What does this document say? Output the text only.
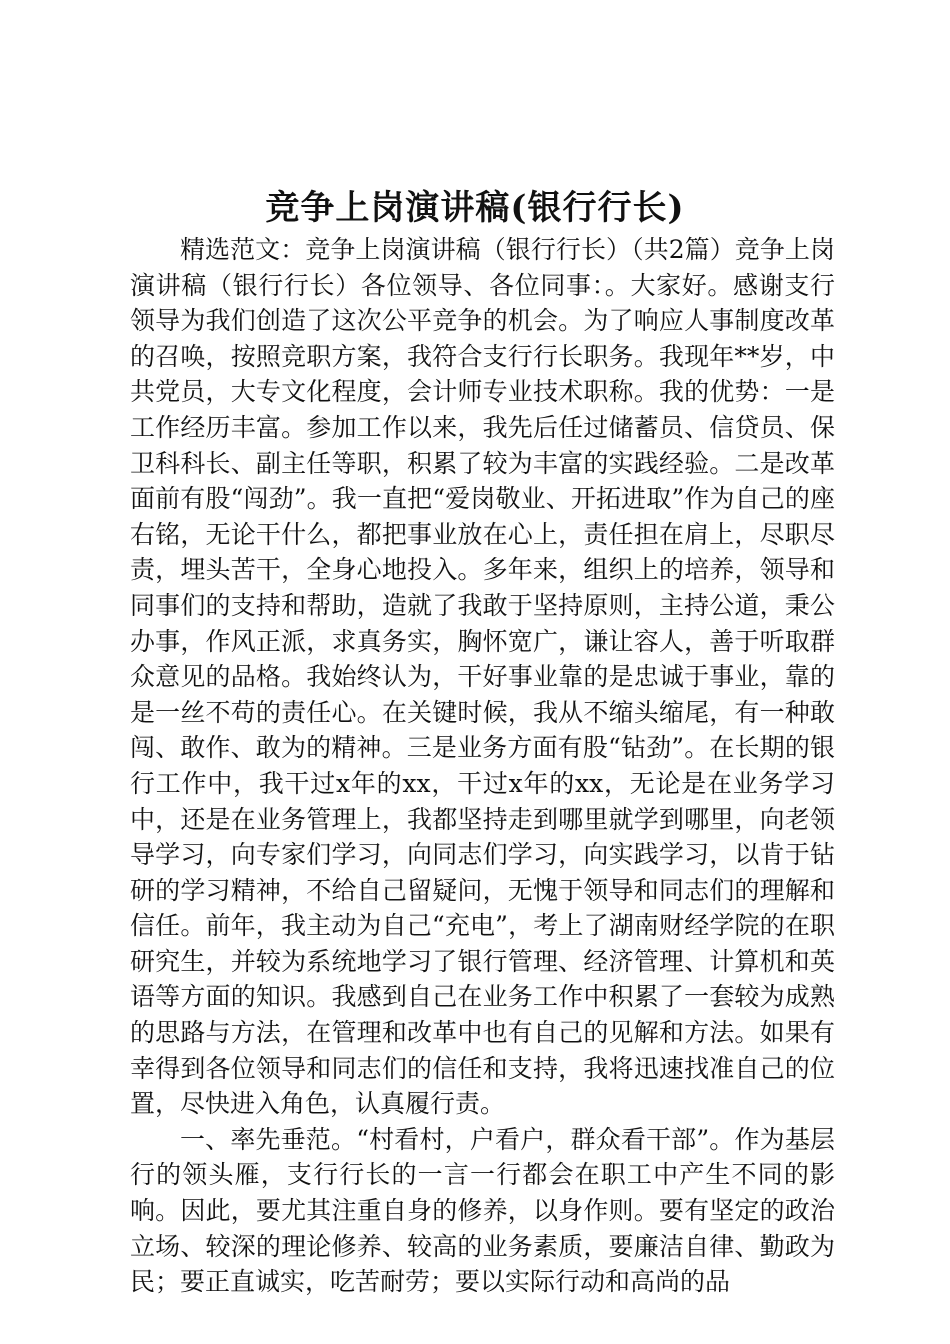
竞争上岗演讲稿(银行行长)

精选范文：竞争上岗演讲稿（银行行长）（共2篇）竞争上岗演讲稿（银行行长）各位领导、各位同事：。大家好。感谢支行领导为我们创造了这次公平竞争的机会。为了响应人事制度改革的召唤，按照竞职方案，我符合支行行长职务。我现年**岁，中共党员，大专文化程度，会计师专业技术职称。我的优势：一是工作经历丰富。参加工作以来，我先后任过储蓄员、信贷员、保卫科科长、副主任等职，积累了较为丰富的实践经验。二是改革面前有股“闯劲”。我一直把“爱岗敬业、开拓进取”作为自己的座右铭，无论干什么，都把事业放在心上，责任担在肩上，尽职尽责，埋头苦干，全身心地投入。多年来，组织上的培养，领导和同事们的支持和帮助，造就了我敢于坚持原则，主持公道，秉公办事，作风正派，求真务实，胸怀宽广，谦让容人，善于听取群众意见的品格。我始终认为，干好事业靠的是忠诚于事业，靠的是一丝不苟的责任心。在关键时候，我从不缩头缩尾，有一种敢闯、敢作、敢为的精神。三是业务方面有股“钻劲”。在长期的银行工作中，我干过x年的xx，干过x年的xx，无论是在业务学习中，还是在业务管理上，我都坚持走到哪里就学到哪里，向老领导学习，向专家们学习，向同志们学习，向实践学习，以肯于钻研的学习精神，不给自己留疑问，无愧于领导和同志们的理解和信任。前年，我主动为自己“充电”，考上了湖南财经学院的在职研究生，并较为系统地学习了银行管理、经济管理、计算机和英语等方面的知识。我感到自己在业务工作中积累了一套较为成熟的思路与方法，在管理和改革中也有自己的见解和方法。如果有幸得到各位领导和同志们的信任和支持，我将迅速找准自己的位置，尽快进入角色，认真履行责。

一、率先垂范。“村看村，户看户，群众看干部”。作为基层行的领头雁，支行行长的一言一行都会在职工中产生不同的影响。因此，要尤其注重自身的修养，以身作则。要有坚定的政治立场、较深的理论修养、较高的业务素质，要廉洁自律、勤政为民；要正直诚实，吃苦耐劳；要以实际行动和高尚的品
